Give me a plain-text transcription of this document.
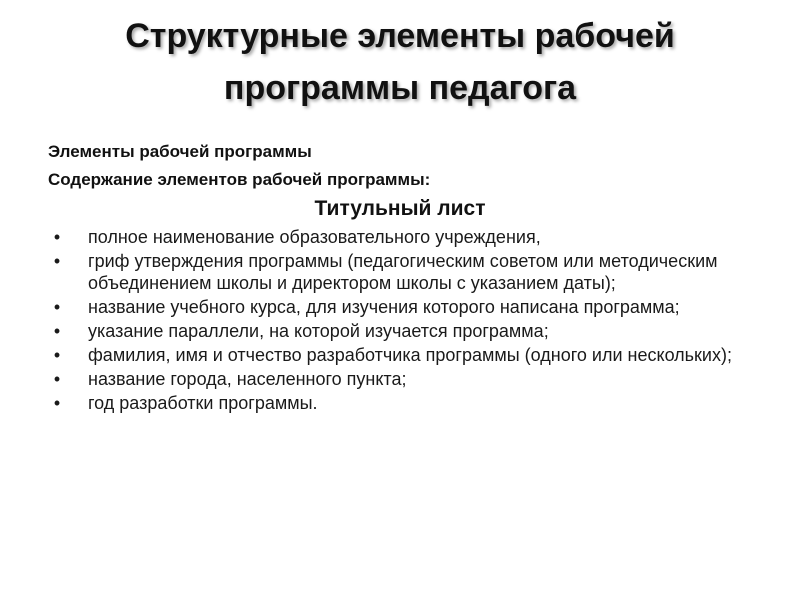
Структурные элементы рабочей
программы педагога
Элементы рабочей программы
Содержание элементов рабочей программы:
Титульный лист
• полное наименование образовательного учреждения,
• гриф утверждения программы (педагогическим советом или методическим объединением школы и директором школы с указанием даты);
• название учебного курса, для изучения которого написана программа;
• указание параллели, на которой изучается программа;
• фамилия, имя и отчество разработчика программы (одного или нескольких);
• название города, населенного пункта;
• год разработки программы.
